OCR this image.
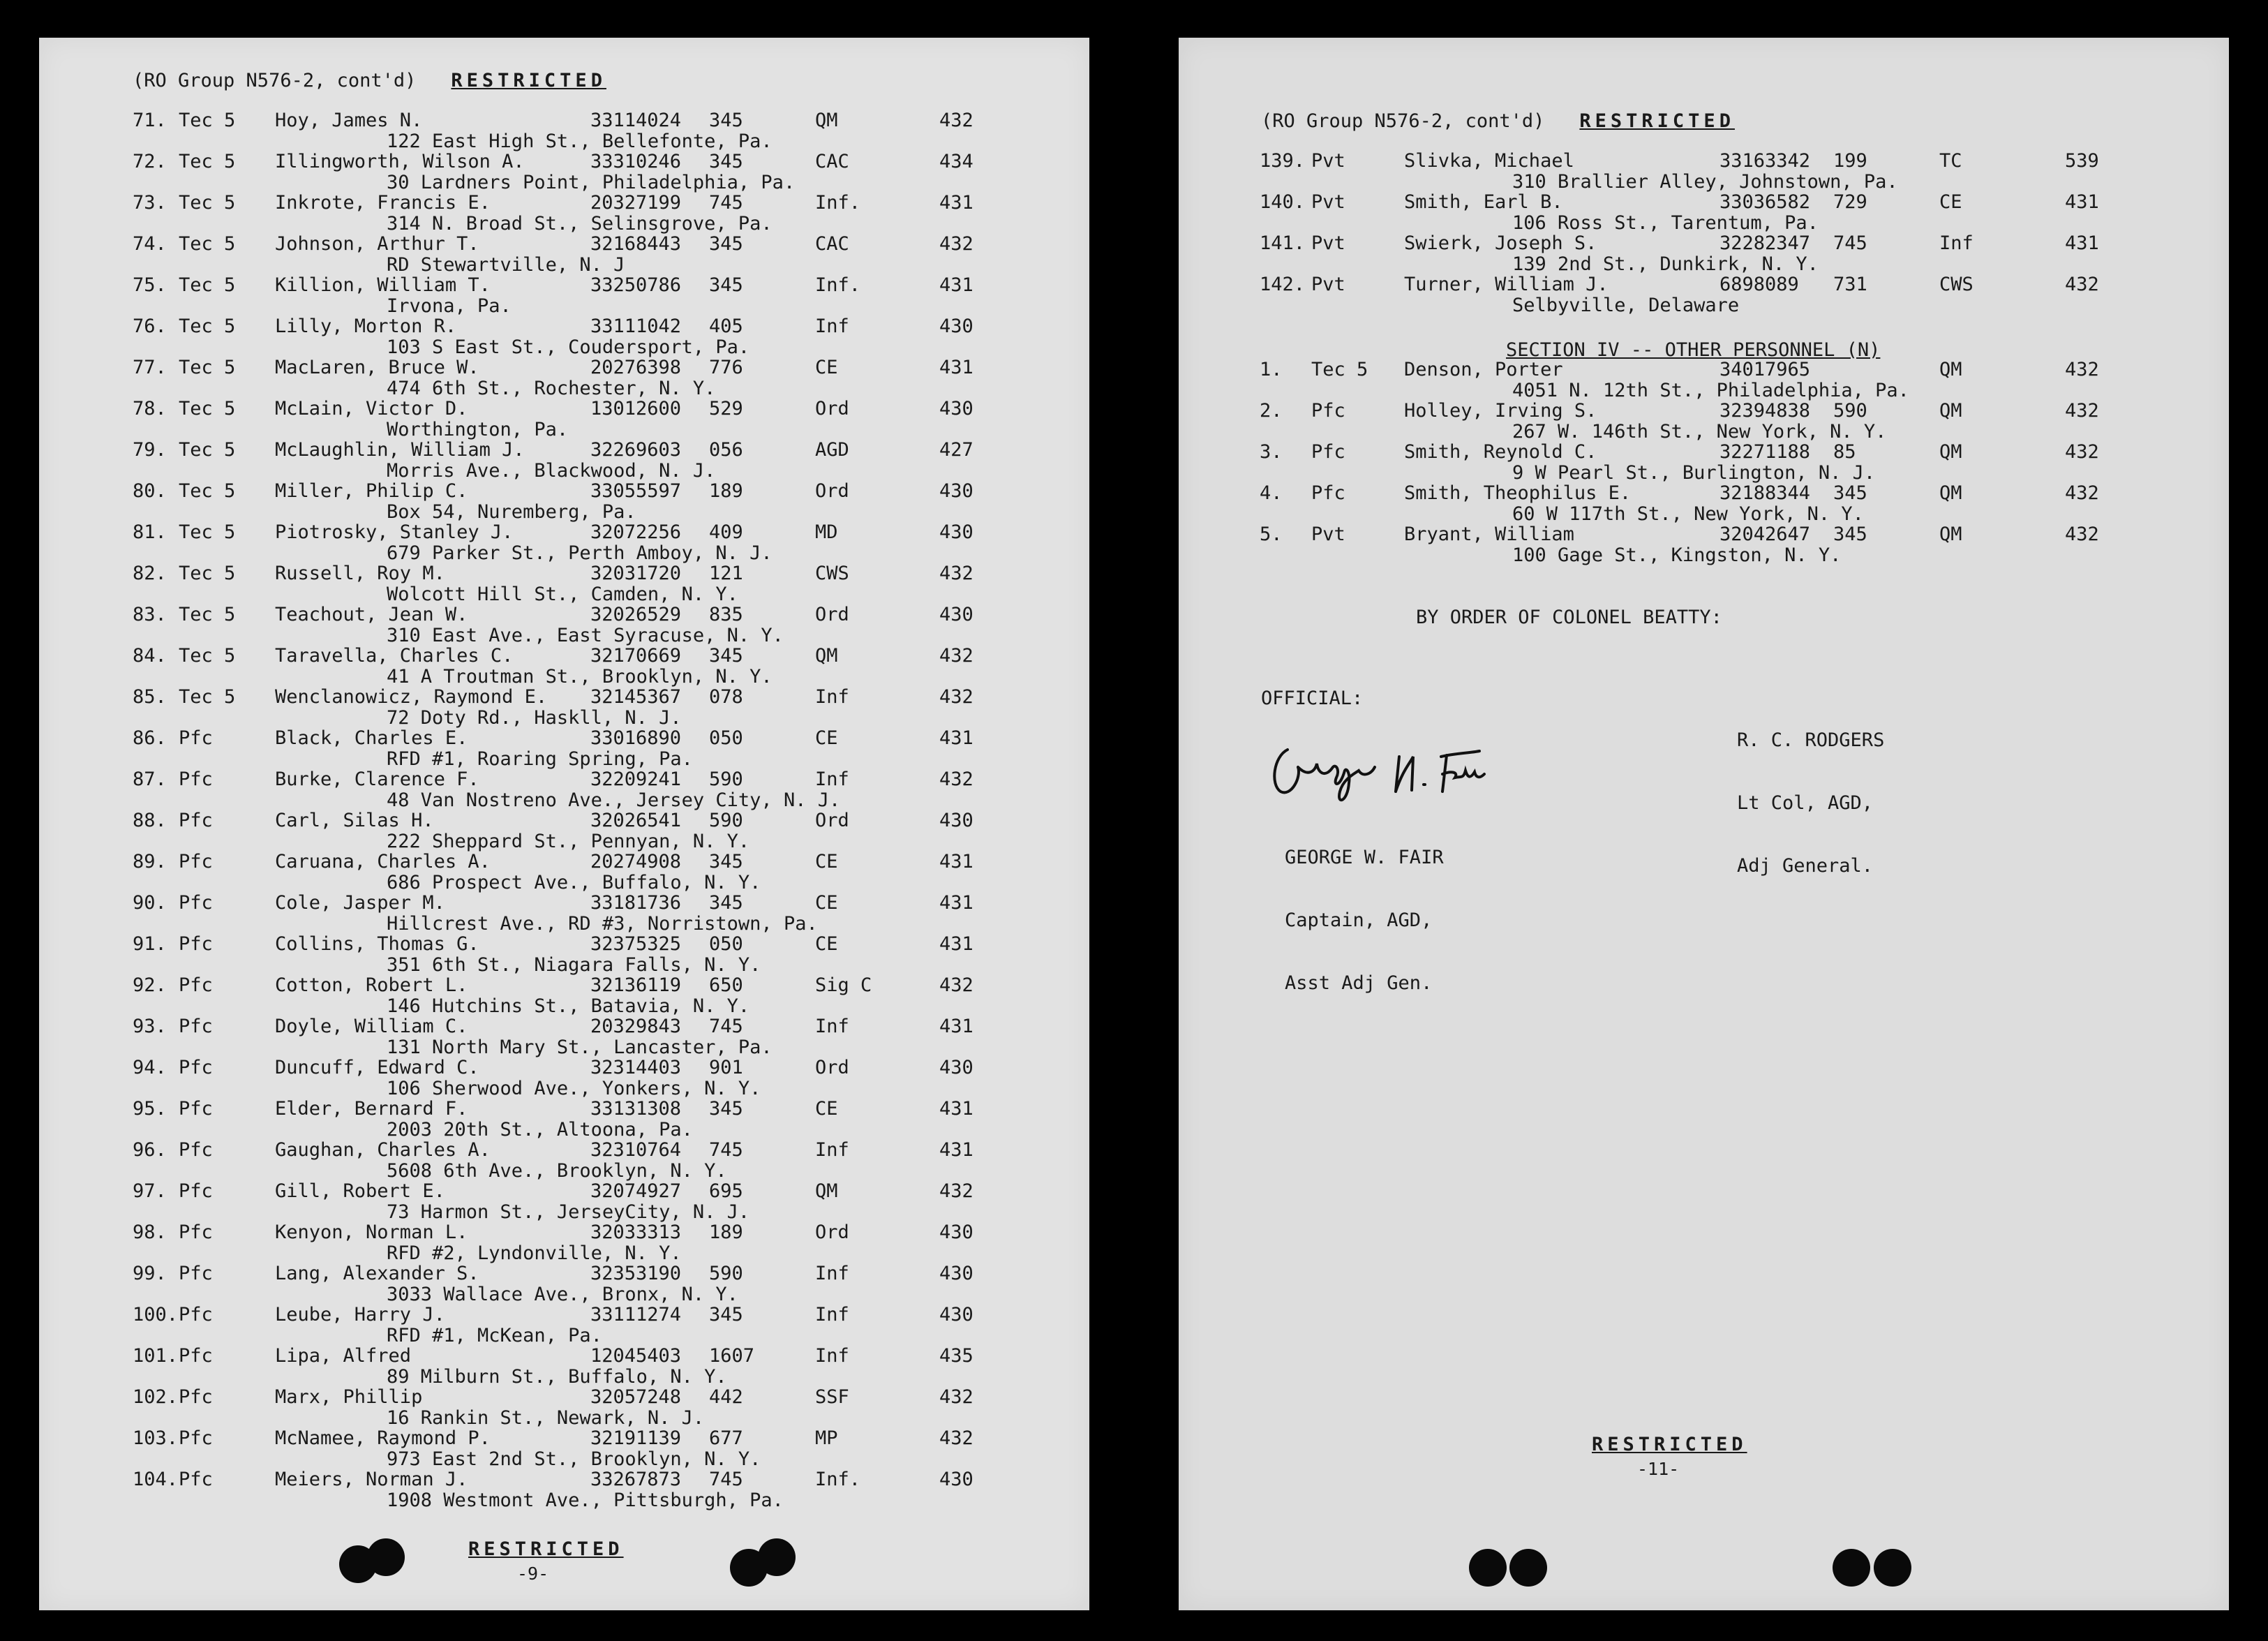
(RO Group N576-2, cont'd) RESTRICTED
71. Tec 5 Hoy, James N.	33114024 345	QM	432
122 East High St., Bellefonte, Pa.
72. Tec 5 Illingworth, Wilson A.	33310246 345	CAC	434
30 Lardners Point, Philadelphia, Pa.
73. Tec 5 Inkrote, Francis E.	20327199 745	Inf.	431
314 N. Broad St., Selinsgrove, Pa.
74. Tec 5 Johnson, Arthur T.	32168443 345	CAC	432
RD Stewartville, N. J
75. Tec 5 Killion, William T.	33250786 345	Inf.	431
Irvona, Pa.
76. Tec 5 Lilly, Morton R.	33111042 405	Inf	430
103 S East St., Coudersport, Pa.
77. Tec 5 MacLaren, Bruce W.	20276398 776	CE	431
474 6th St., Rochester, N. Y.
78. Tec 5 McLain, Victor D.	13012600 529	Ord	430
Worthington, Pa.
79. Tec 5 McLaughlin, William J.	32269603 056	AGD	427
Morris Ave., Blackwood, N. J.
80. Tec 5 Miller, Philip C.	33055597 189	Ord	430
Box 54, Nuremberg, Pa.
81. Tec 5 Piotrosky, Stanley J.	32072256 409	MD	430
679 Parker St., Perth Amboy, N. J.
82. Tec 5 Russell, Roy M.	32031720 121	CWS	432
Wolcott Hill St., Camden, N. Y.
83. Tec 5 Teachout, Jean W.	32026529 835	Ord	430
310 East Ave., East Syracuse, N. Y.
84. Tec 5 Taravella, Charles C.	32170669 345	QM	432
41 A Troutman St., Brooklyn, N. Y.
85. Tec 5 Wenclanowicz, Raymond E. 32145367 078	Inf	432
72 Doty Rd., Haskll, N. J.
86. Pfc	Black, Charles E.	33016890 050	CE	431
RFD #1, Roaring Spring, Pa.
87. Pfc	Burke, Clarence F.	32209241 590	Inf	432
48 Van Nostreno Ave., Jersey City, N. J.
88. Pfc	Carl, Silas H.	32026541 590	Ord	430
222 Sheppard St., Pennyan, N. Y.
89. Pfc	Caruana, Charles A.	20274908 345	CE	431
686 Prospect Ave., Buffalo, N. Y.
90. Pfc	Cole, Jasper M.	33181736 345	CE	431
Hillcrest Ave., RD #3, Norristown, Pa.
91. Pfc	Collins, Thomas G.	32375325 050	CE	431
351 6th St., Niagara Falls, N. Y.
92. Pfc	Cotton, Robert L.	32136119 650	Sig C	432
146 Hutchins St., Batavia, N. Y.
93. Pfc	Doyle, William C.	20329843 745	Inf	431
131 North Mary St., Lancaster, Pa.
94. Pfc	Duncuff, Edward C.	32314403 901	Ord	430
106 Sherwood Ave., Yonkers, N. Y.
95. Pfc	Elder, Bernard F.	33131308 345	CE	431
2003 20th St., Altoona, Pa.
96. Pfc	Gaughan, Charles A.	32310764 745	Inf	431
5608 6th Ave., Brooklyn, N. Y.
97. Pfc	Gill, Robert E.	32074927 695	QM	432
73 Harmon St., JerseyCity, N. J.
98. Pfc	Kenyon, Norman L.	32033313 189	Ord	430
RFD #2, Lyndonville, N. Y.
99. Pfc	Lang, Alexander S.	32353190 590	Inf	430
3033 Wallace Ave., Bronx, N. Y.
100. Pfc	Leube, Harry J.	33111274 345	Inf	430
RFD #1, McKean, Pa.
101. Pfc	Lipa, Alfred	12045403 1607	Inf	435
89 Milburn St., Buffalo, N. Y.
102. Pfc	Marx, Phillip	32057248 442	SSF	432
16 Rankin St., Newark, N. J.
103. Pfc	McNamee, Raymond P.	32191139 677	MP	432
973 East 2nd St., Brooklyn, N. Y.
104. Pfc	Meiers, Norman J.	33267873 745	Inf.	430
1908 Westmont Ave., Pittsburgh, Pa.
RESTRICTED
-9-
(RO Group N576-2, cont'd) RESTRICTED
139. Pvt	Slivka, Michael	33163342 199	TC	539
310 Brallier Alley, Johnstown, Pa.
140. Pvt	Smith, Earl B.	33036582 729	CE	431
106 Ross St., Tarentum, Pa.
141. Pvt	Swierk, Joseph S.	32282347 745	Inf	431
139 2nd St., Dunkirk, N. Y.
142. Pvt	Turner, William J.	6898089 731	CWS	432
Selbyville, Delaware
SECTION IV -- OTHER PERSONNEL (N)
1. Tec 5 Denson, Porter	34017965	QM	432
4051 N. 12th St., Philadelphia, Pa.
2. Pfc	Holley, Irving S.	32394838 590	QM	432
267 W. 146th St., New York, N. Y.
3. Pfc	Smith, Reynold C.	32271188 85	QM	432
9 W Pearl St., Burlington, N. J.
4. Pfc	Smith, Theophilus E.	32188344 345	QM	432
60 W 117th St., New York, N. Y.
5. Pvt	Bryant, William	32042647 345	QM	432
100 Gage St., Kingston, N. Y.
BY ORDER OF COLONEL BEATTY:
OFFICIAL:

R. C. RODGERS

Lt Col, AGD,

Adj General.

GEORGE W. FAIR

Captain, AGD,

Asst Adj Gen.

RESTRICTED
-11-
